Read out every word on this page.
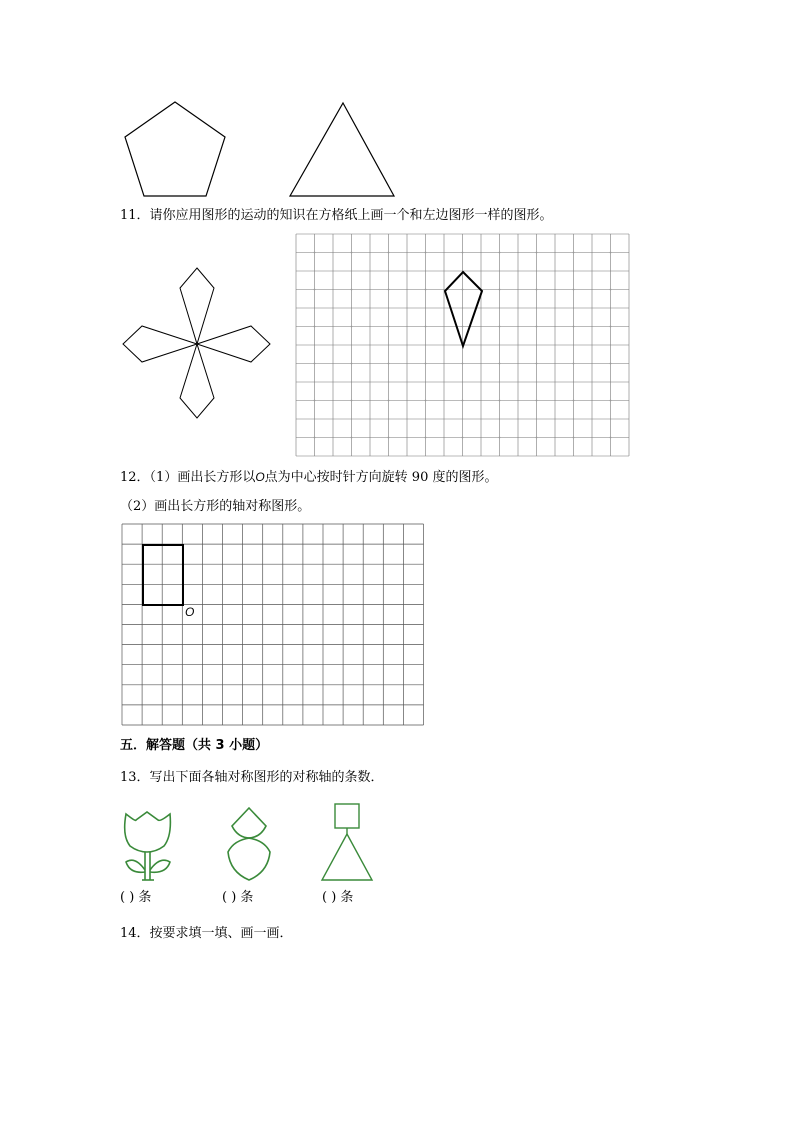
11．请你应用图形的运动的知识在方格纸上画一个和左边图形一样的图形。
12．（1）画出长方形以O点为中心按时针方向旋转 90 度的图形。
（2）画出长方形的轴对称图形。
O
五．解答题（共 3 小题）
13．写出下面各轴对称图形的对称轴的条数．
( ) 条	( ) 条	( ) 条
14．按要求填一填、画一画．
